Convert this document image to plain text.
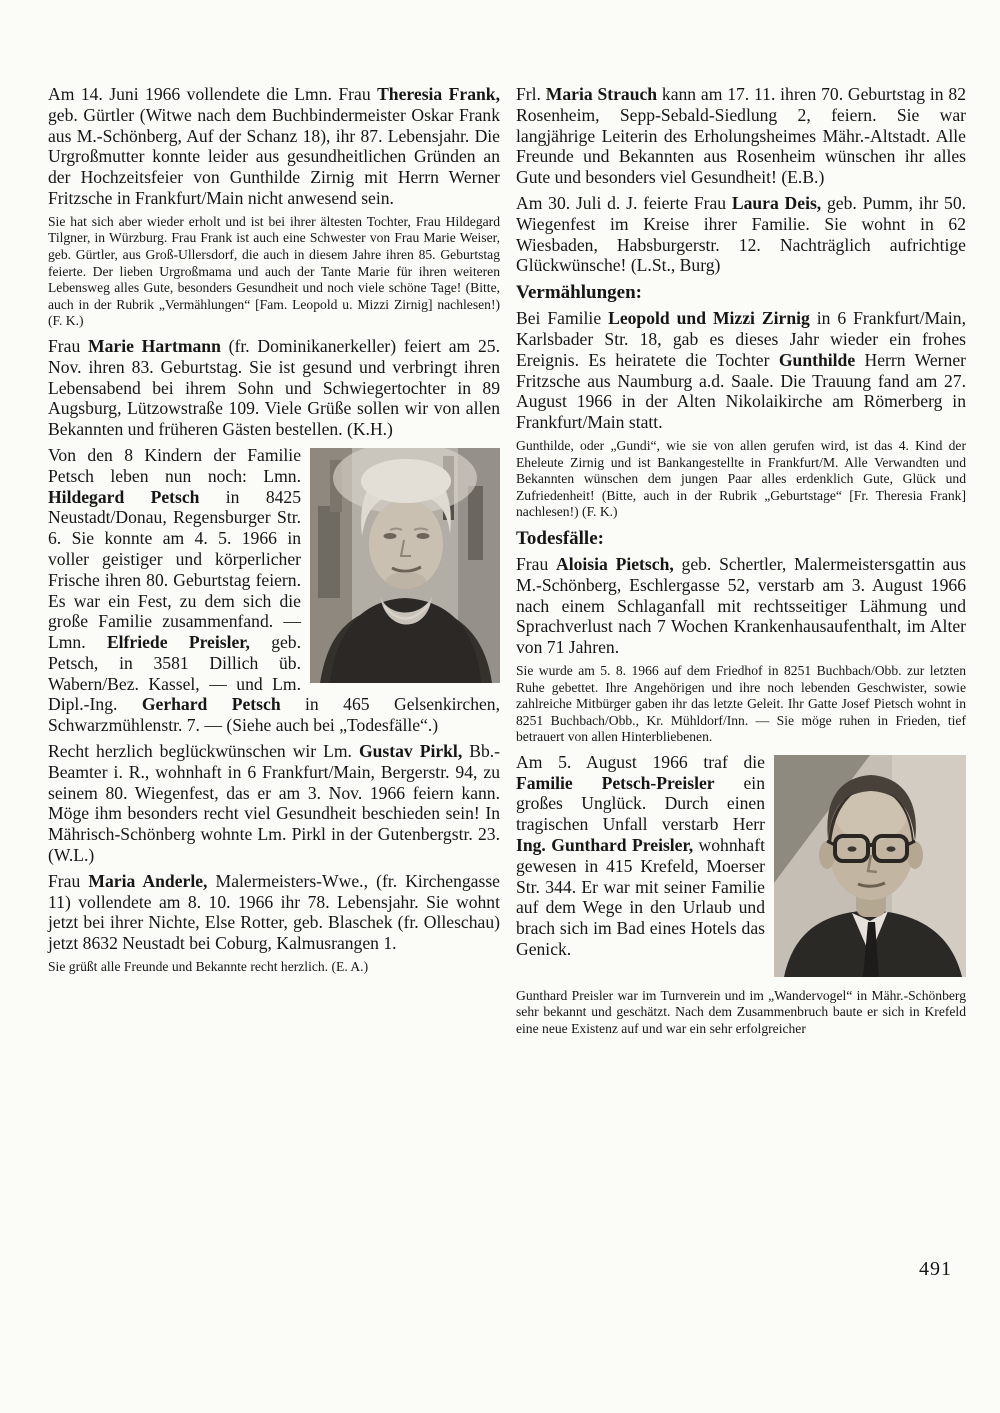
Am 14. Juni 1966 vollendete die Lmn. Frau Theresia Frank, geb. Gürtler (Witwe nach dem Buchbindermeister Oskar Frank aus M.-Schönberg, Auf der Schanz 18), ihr 87. Lebensjahr. Die Urgroßmutter konnte leider aus gesundheitlichen Gründen an der Hochzeitsfeier von Gunthilde Zirnig mit Herrn Werner Fritzsche in Frankfurt/Main nicht anwesend sein.
Sie hat sich aber wieder erholt und ist bei ihrer ältesten Tochter, Frau Hildegard Tilgner, in Würzburg. Frau Frank ist auch eine Schwester von Frau Marie Weiser, geb. Gürtler, aus Groß-Ullersdorf, die auch in diesem Jahre ihren 85. Geburtstag feierte. Der lieben Urgroßmama und auch der Tante Marie für ihren weiteren Lebensweg alles Gute, besonders Gesundheit und noch viele schöne Tage! (Bitte, auch in der Rubrik „Vermählungen“ [Fam. Leopold u. Mizzi Zirnig] nachlesen!) (F. K.)
Frau Marie Hartmann (fr. Dominikanerkeller) feiert am 25. Nov. ihren 83. Geburtstag. Sie ist gesund und verbringt ihren Lebensabend bei ihrem Sohn und Schwiegertochter in 89 Augsburg, Lützowstraße 109. Viele Grüße sollen wir von allen Bekannten und früheren Gästen bestellen. (K.H.)
Von den 8 Kindern der Familie Petsch leben nun noch: Lmn. Hildegard Petsch in 8425 Neustadt/Donau, Regensburger Str. 6. Sie konnte am 4. 5. 1966 in voller geistiger und körperlicher Frische ihren 80. Geburtstag feiern. Es war ein Fest, zu dem sich die große Familie zusammenfand. — Lmn. Elfriede Preisler, geb. Petsch, in 3581 Dillich üb. Wabern/Bez. Kassel, — und Lm. Dipl.-Ing. Gerhard Petsch in 465 Gelsenkirchen, Schwarzmühlenstr. 7. — (Siehe auch bei „Todesfälle“.)
Recht herzlich beglückwünschen wir Lm. Gustav Pirkl, Bb.-Beamter i. R., wohnhaft in 6 Frankfurt/Main, Bergerstr. 94, zu seinem 80. Wiegenfest, das er am 3. Nov. 1966 feiern kann. Möge ihm besonders recht viel Gesundheit beschieden sein! In Mährisch-Schönberg wohnte Lm. Pirkl in der Gutenbergstr. 23. (W.L.)
Frau Maria Anderle, Malermeisters-Wwe., (fr. Kirchengasse 11) vollendete am 8. 10. 1966 ihr 78. Lebensjahr. Sie wohnt jetzt bei ihrer Nichte, Else Rotter, geb. Blaschek (fr. Olleschau) jetzt 8632 Neustadt bei Coburg, Kalmusrangen 1.
Sie grüßt alle Freunde und Bekannte recht herzlich. (E. A.)
Frl. Maria Strauch kann am 17. 11. ihren 70. Geburtstag in 82 Rosenheim, Sepp-Sebald-Siedlung 2, feiern. Sie war langjährige Leiterin des Erholungsheimes Mähr.-Altstadt. Alle Freunde und Bekannten aus Rosenheim wünschen ihr alles Gute und besonders viel Gesundheit! (E.B.)
Am 30. Juli d. J. feierte Frau Laura Deis, geb. Pumm, ihr 50. Wiegenfest im Kreise ihrer Familie. Sie wohnt in 62 Wiesbaden, Habsburgerstr. 12. Nachträglich aufrichtige Glückwünsche! (L.St., Burg)
Vermählungen:
Bei Familie Leopold und Mizzi Zirnig in 6 Frankfurt/Main, Karlsbader Str. 18, gab es dieses Jahr wieder ein frohes Ereignis. Es heiratete die Tochter Gunthilde Herrn Werner Fritzsche aus Naumburg a.d. Saale. Die Trauung fand am 27. August 1966 in der Alten Nikolaikirche am Römerberg in Frankfurt/Main statt.
Gunthilde, oder „Gundi“, wie sie von allen gerufen wird, ist das 4. Kind der Eheleute Zirnig und ist Bankangestellte in Frankfurt/M. Alle Verwandten und Bekannten wünschen dem jungen Paar alles erdenklich Gute, Glück und Zufriedenheit! (Bitte, auch in der Rubrik „Geburtstage“ [Fr. Theresia Frank] nachlesen!) (F. K.)
Todesfälle:
Frau Aloisia Pietsch, geb. Schertler, Malermeistersgattin aus M.-Schönberg, Eschlergasse 52, verstarb am 3. August 1966 nach einem Schlaganfall mit rechtsseitiger Lähmung und Sprachverlust nach 7 Wochen Krankenhausaufenthalt, im Alter von 71 Jahren.
Sie wurde am 5. 8. 1966 auf dem Friedhof in 8251 Buchbach/Obb. zur letzten Ruhe gebettet. Ihre Angehörigen und ihre noch lebenden Geschwister, sowie zahlreiche Mitbürger gaben ihr das letzte Geleit. Ihr Gatte Josef Pietsch wohnt in 8251 Buchbach/Obb., Kr. Mühldorf/Inn. — Sie möge ruhen in Frieden, tief betrauert von allen Hinterbliebenen.
Am 5. August 1966 traf die Familie Petsch-Preisler ein großes Unglück. Durch einen tragischen Unfall verstarb Herr Ing. Gunthard Preisler, wohnhaft gewesen in 415 Krefeld, Moerser Str. 344. Er war mit seiner Familie auf dem Wege in den Urlaub und brach sich im Bad eines Hotels das Genick.
Gunthard Preisler war im Turnverein und im „Wandervogel“ in Mähr.-Schönberg sehr bekannt und geschätzt. Nach dem Zusammenbruch baute er sich in Krefeld eine neue Existenz auf und war ein sehr erfolgreicher
491
